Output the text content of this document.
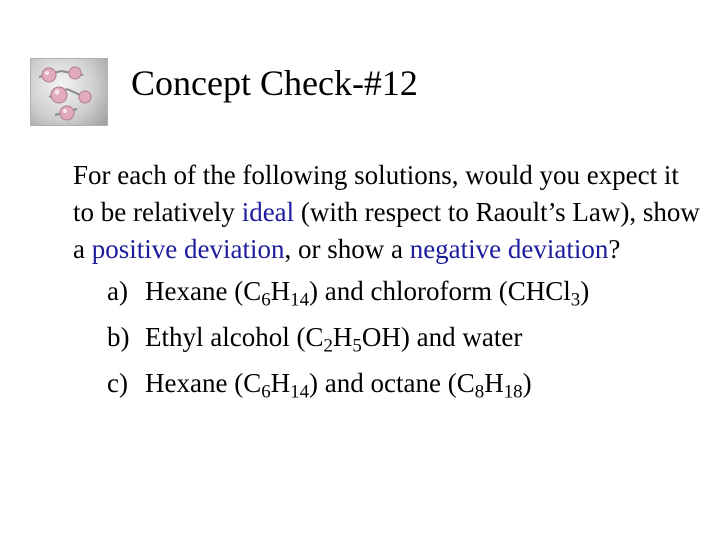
Concept Check-#12

For each of the following solutions, would you expect it to be relatively ideal (with respect to Raoult’s Law), show a positive deviation, or show a negative deviation?

a) Hexane $(C_6H_{14})$ and chloroform (CHCl$_3$)
b) Ethyl alcohol $(C_2H_5OH)$ and water
c) Hexane $(C_6H_{14})$ and octane $(C_8H_{18})$
